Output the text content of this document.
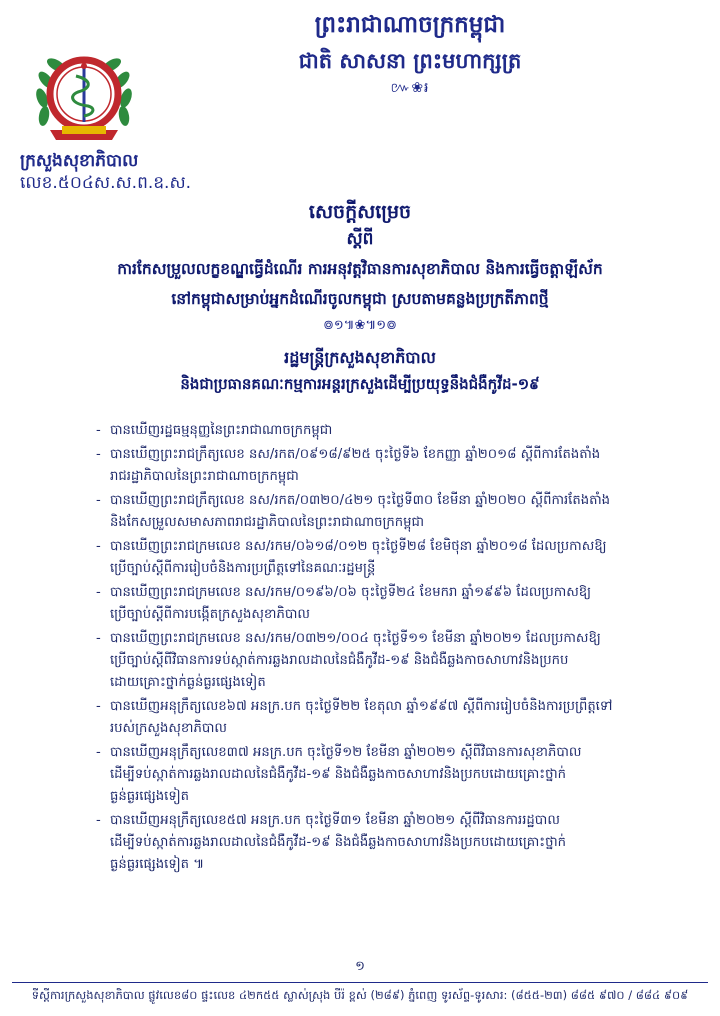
ព្រះរាជាណាចក្រកម្ពុជា
ជាតិ សាសនា ព្រះមហាក្សត្រ
៚❀៛
ក្រសួងសុខាភិបាល
លេខ.៥០៤ស.ស.ព.ឧ.ស.
សេចក្ដីសម្រេច
ស្ដីពី
ការកែសម្រួលលក្ខខណ្ឌធ្វើដំណើរ ការអនុវត្តវិធានការសុខាភិបាល និងការធ្វើចត្តាឡីស័ក
នៅកម្ពុជាសម្រាប់អ្នកដំណើរចូលកម្ពុជា ស្របតាមគន្លងប្រក្រតីភាពថ្មី
៙១៕❀៕១៙
រដ្ឋមន្ត្រីក្រសួងសុខាភិបាល
និងជាប្រធានគណៈកម្មការអន្តរក្រសួងដើម្បីប្រយុទ្ធនឹងជំងឺកូវីដ-១៩
- បានឃើញរដ្ឋធម្មនុញ្ញនៃព្រះរាជាណាចក្រកម្ពុជា
- បានឃើញព្រះរាជក្រឹត្យលេខ នស/រកត/០៩១៨/៩២៥ ចុះថ្ងៃទី៦ ខែកញ្ញា ឆ្នាំ២០១៨ ស្ដីពីការតែងតាំង
រាជរដ្ឋាភិបាលនៃព្រះរាជាណាចក្រកម្ពុជា
- បានឃើញព្រះរាជក្រឹត្យលេខ នស/រកត/០៣២០/៤២១ ចុះថ្ងៃទី៣០ ខែមីនា ឆ្នាំ២០២០ ស្ដីពីការតែងតាំង
និងកែសម្រួលសមាសភាពរាជរដ្ឋាភិបាលនៃព្រះរាជាណាចក្រកម្ពុជា
- បានឃើញព្រះរាជក្រមលេខ នស/រកម/០៦១៨/០១២ ចុះថ្ងៃទី២៨ ខែមិថុនា ឆ្នាំ២០១៨ ដែលប្រកាសឱ្យ
ប្រើច្បាប់ស្ដីពីការរៀបចំនិងការប្រព្រឹត្តទៅនៃគណៈរដ្ឋមន្ត្រី
- បានឃើញព្រះរាជក្រមលេខ នស/រកម/០១៩៦/០៦ ចុះថ្ងៃទី២៤ ខែមករា ឆ្នាំ១៩៩៦ ដែលប្រកាសឱ្យ
ប្រើច្បាប់ស្ដីពីការបង្កើតក្រសួងសុខាភិបាល
- បានឃើញព្រះរាជក្រមលេខ នស/រកម/០៣២១/០០៤ ចុះថ្ងៃទី១១ ខែមីនា ឆ្នាំ២០២១ ដែលប្រកាសឱ្យ
ប្រើច្បាប់ស្ដីពីវិធានការទប់ស្កាត់ការឆ្លងរាលដាលនៃជំងឺកូវីដ-១៩ និងជំងឺឆ្លងកាចសាហាវនិងប្រកប
ដោយគ្រោះថ្នាក់ធ្ងន់ធ្ងរផ្សេងទៀត
- បានឃើញអនុក្រឹត្យលេខ៦៧ អនក្រ.បក ចុះថ្ងៃទី២២ ខែតុលា ឆ្នាំ១៩៩៧ ស្ដីពីការរៀបចំនិងការប្រព្រឹត្តទៅ
របស់ក្រសួងសុខាភិបាល
- បានឃើញអនុក្រឹត្យលេខ៣៧ អនក្រ.បក ចុះថ្ងៃទី១២ ខែមីនា ឆ្នាំ២០២១ ស្ដីពីវិធានការសុខាភិបាល
ដើម្បីទប់ស្កាត់ការឆ្លងរាលដាលនៃជំងឺកូវីដ-១៩ និងជំងឺឆ្លងកាចសាហាវនិងប្រកបដោយគ្រោះថ្នាក់
ធ្ងន់ធ្ងរផ្សេងទៀត
- បានឃើញអនុក្រឹត្យលេខ៥៧ អនក្រ.បក ចុះថ្ងៃទី៣១ ខែមីនា ឆ្នាំ២០២១ ស្ដីពីវិធានការរដ្ឋបាល
ដើម្បីទប់ស្កាត់ការឆ្លងរាលដាលនៃជំងឺកូវីដ-១៩ និងជំងឺឆ្លងកាចសាហាវនិងប្រកបដោយគ្រោះថ្នាក់
ធ្ងន់ធ្ងរផ្សេងទៀត ៕
១
ទីស្ដីការក្រសួងសុខាភិបាល ផ្លូវលេខ៨០ ផ្ទះលេខ ៤២ក៥៥ ស្លាស់ស្រុង បីរ៉ ខ្ពស់ (២៨៩) ភ្នំពេញ ទូរស័ព្ទ-ទូរសារ: (៨៥៥-២៣) ៨៨៥ ៩៧០ / ៨៨៤ ៩០៩
